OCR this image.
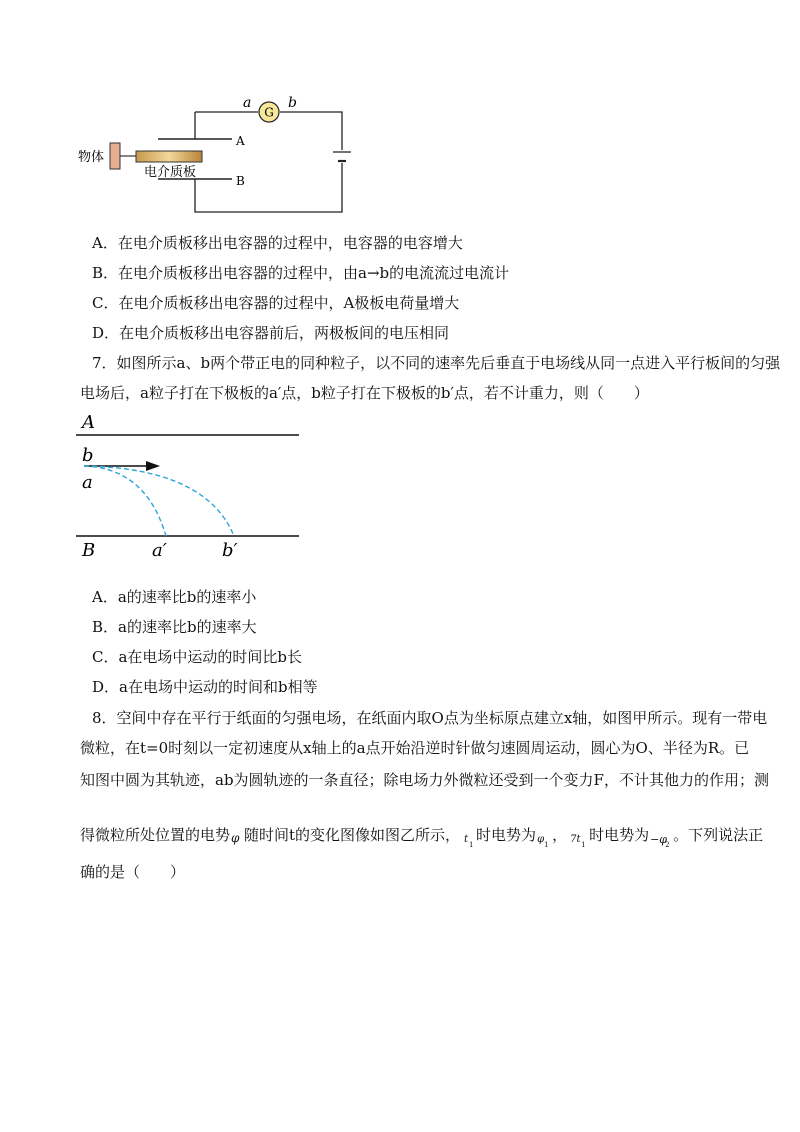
G
a	b
A
B
物体
电介质板
A．在电介质板移出电容器的过程中，电容器的电容增大
B．在电介质板移出电容器的过程中，由a→b的电流流过电流计
C．在电介质板移出电容器的过程中，A极板电荷量增大
D．在电介质板移出电容器前后，两极板间的电压相同
7．如图所示a、b两个带正电的同种粒子，以不同的速率先后垂直于电场线从同一点进入平行板间的匀强
电场后，a粒子打在下极板的a′点，b粒子打在下极板的b′点，若不计重力，则（　　）
A
B
b
a
a′	b′
A．a的速率比b的速率小
B．a的速率比b的速率大
C．a在电场中运动的时间比b长
D．a在电场中运动的时间和b相等
8．空间中存在平行于纸面的匀强电场，在纸面内取O点为坐标原点建立x轴，如图甲所示。现有一带电
微粒，在t=0时刻以一定初速度从x轴上的a点开始沿逆时针做匀速圆周运动，圆心为O、半径为R。已
知图中圆为其轨迹，ab为圆轨迹的一条直径；除电场力外微粒还受到一个变力F，不计其他力的作用；测
得微粒所处位置的电势 φ 随时间t的变化图像如图乙所示， t 1
时电势为 φ 1
， 7t 1
时电势为 −φ
2
。下列说法正
确的是（　　）
